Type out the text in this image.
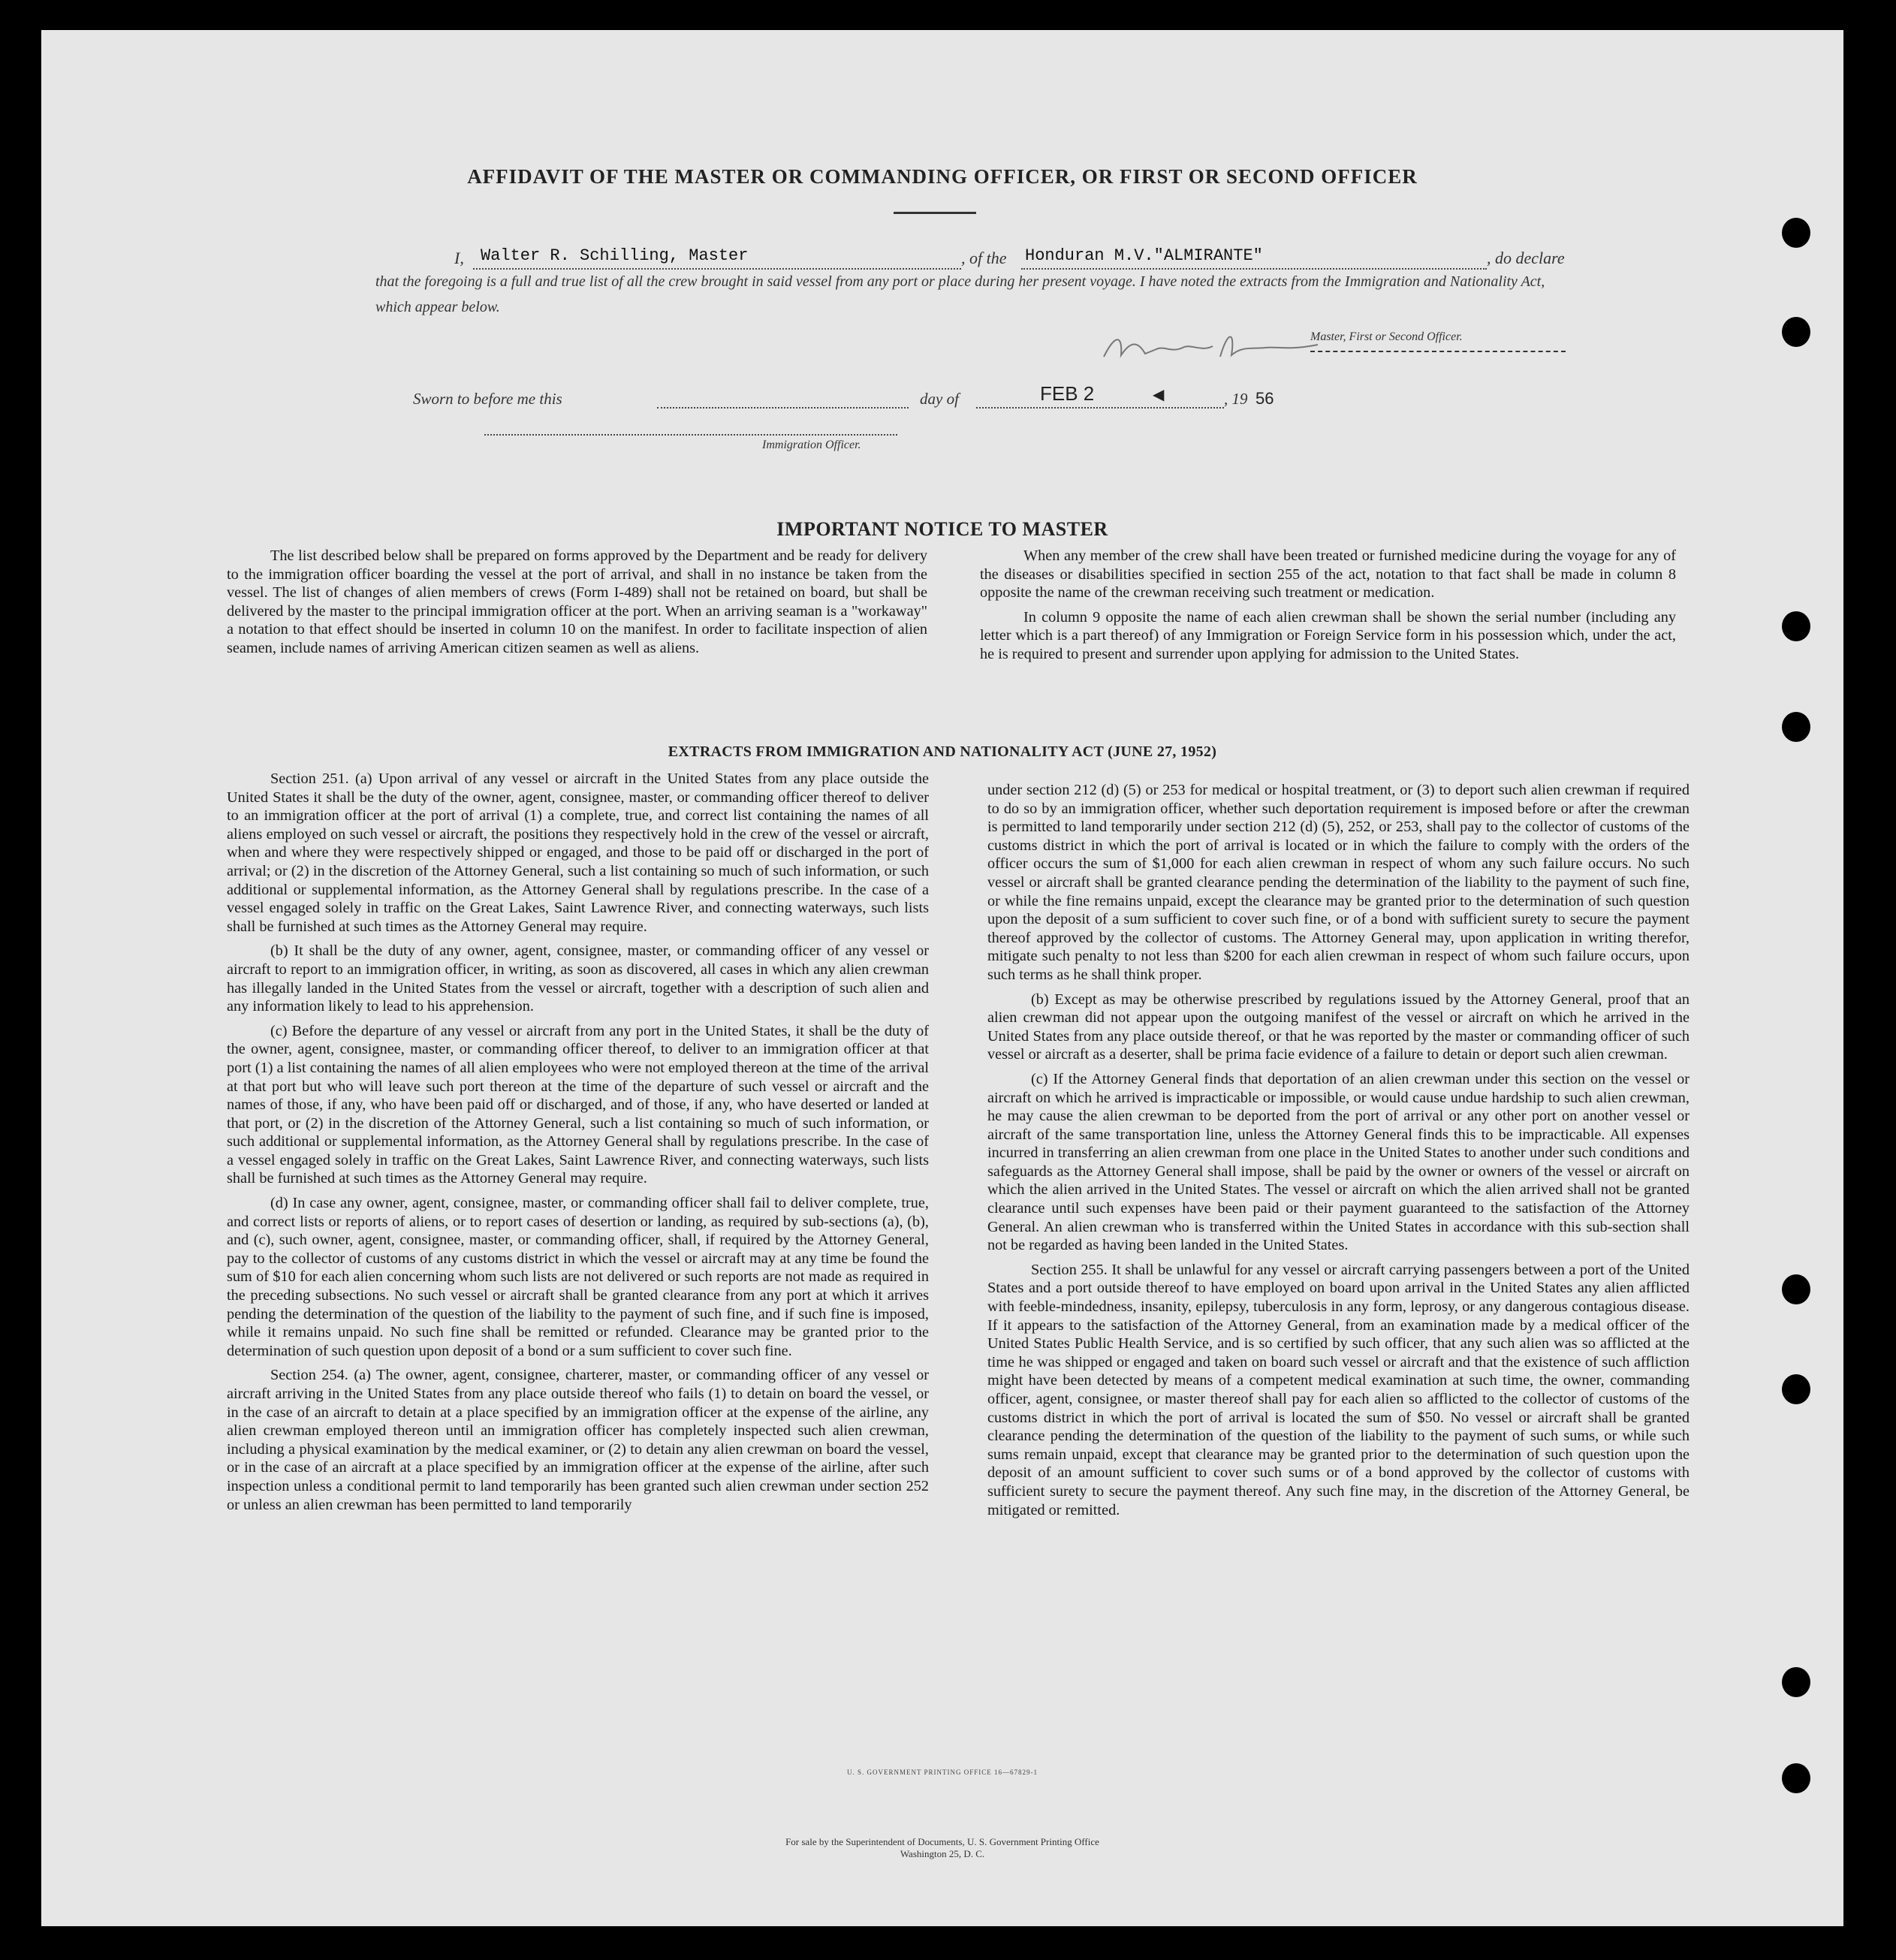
AFFIDAVIT OF THE MASTER OR COMMANDING OFFICER, OR FIRST OR SECOND OFFICER
I, Walter R. Schilling, Master	, of the Honduran M.V."ALMIRANTE"	, do declare
that the foregoing is a full and true list of all the crew brought in said vessel from any port or place during her present voyage. I have noted the extracts from the Immigration and Nationality Act, which appear below.
Master, First or Second Officer.
Sworn to before me this	day of	FEB 2	◀	, 19 56
Immigration Officer.
IMPORTANT NOTICE TO MASTER

The list described below shall be prepared on forms approved by the Department and be ready for delivery to the immigration officer boarding the vessel at the port of arrival, and shall in no instance be taken from the vessel. The list of changes of alien members of crews (Form I-489) shall not be retained on board, but shall be delivered by the master to the principal immigration officer at the port. When an arriving seaman is a "workaway" a notation to that effect should be inserted in column 10 on the manifest. In order to facilitate inspection of alien seamen, include names of arriving American citizen seamen as well as aliens.

When any member of the crew shall have been treated or furnished medicine during the voyage for any of the diseases or disabilities specified in section 255 of the act, notation to that fact shall be made in column 8 opposite the name of the crewman receiving such treatment or medication.

In column 9 opposite the name of each alien crewman shall be shown the serial number (including any letter which is a part thereof) of any Immigration or Foreign Service form in his possession which, under the act, he is required to present and surrender upon applying for admission to the United States.

EXTRACTS FROM IMMIGRATION AND NATIONALITY ACT (JUNE 27, 1952)

Section 251. (a) Upon arrival of any vessel or aircraft in the United States from any place outside the United States it shall be the duty of the owner, agent, consignee, master, or commanding officer thereof to deliver to an immigration officer at the port of arrival (1) a complete, true, and correct list containing the names of all aliens employed on such vessel or aircraft, the positions they respectively hold in the crew of the vessel or aircraft, when and where they were respectively shipped or engaged, and those to be paid off or discharged in the port of arrival; or (2) in the discretion of the Attorney General, such a list containing so much of such information, or such additional or supplemental information, as the Attorney General shall by regulations prescribe. In the case of a vessel engaged solely in traffic on the Great Lakes, Saint Lawrence River, and connecting waterways, such lists shall be furnished at such times as the Attorney General may require.

(b) It shall be the duty of any owner, agent, consignee, master, or commanding officer of any vessel or aircraft to report to an immigration officer, in writing, as soon as discovered, all cases in which any alien crewman has illegally landed in the United States from the vessel or aircraft, together with a description of such alien and any information likely to lead to his apprehension.

(c) Before the departure of any vessel or aircraft from any port in the United States, it shall be the duty of the owner, agent, consignee, master, or commanding officer thereof, to deliver to an immigration officer at that port (1) a list containing the names of all alien employees who were not employed thereon at the time of the arrival at that port but who will leave such port thereon at the time of the departure of such vessel or aircraft and the names of those, if any, who have been paid off or discharged, and of those, if any, who have deserted or landed at that port, or (2) in the discretion of the Attorney General, such a list containing so much of such information, or such additional or supplemental information, as the Attorney General shall by regulations prescribe. In the case of a vessel engaged solely in traffic on the Great Lakes, Saint Lawrence River, and connecting waterways, such lists shall be furnished at such times as the Attorney General may require.

(d) In case any owner, agent, consignee, master, or commanding officer shall fail to deliver complete, true, and correct lists or reports of aliens, or to report cases of desertion or landing, as required by sub-sections (a), (b), and (c), such owner, agent, consignee, master, or commanding officer, shall, if required by the Attorney General, pay to the collector of customs of any customs district in which the vessel or aircraft may at any time be found the sum of $10 for each alien concerning whom such lists are not delivered or such reports are not made as required in the preceding subsections. No such vessel or aircraft shall be granted clearance from any port at which it arrives pending the determination of the question of the liability to the payment of such fine, and if such fine is imposed, while it remains unpaid. No such fine shall be remitted or refunded. Clearance may be granted prior to the determination of such question upon deposit of a bond or a sum sufficient to cover such fine.

Section 254. (a) The owner, agent, consignee, charterer, master, or commanding officer of any vessel or aircraft arriving in the United States from any place outside thereof who fails (1) to detain on board the vessel, or in the case of an aircraft to detain at a place specified by an immigration officer at the expense of the airline, any alien crewman employed thereon until an immigration officer has completely inspected such alien crewman, including a physical examination by the medical examiner, or (2) to detain any alien crewman on board the vessel, or in the case of an aircraft at a place specified by an immigration officer at the expense of the airline, after such inspection unless a conditional permit to land temporarily has been granted such alien crewman under section 252 or unless an alien crewman has been permitted to land temporarily

under section 212 (d) (5) or 253 for medical or hospital treatment, or (3) to deport such alien crewman if required to do so by an immigration officer, whether such deportation requirement is imposed before or after the crewman is permitted to land temporarily under section 212 (d) (5), 252, or 253, shall pay to the collector of customs of the customs district in which the port of arrival is located or in which the failure to comply with the orders of the officer occurs the sum of $1,000 for each alien crewman in respect of whom any such failure occurs. No such vessel or aircraft shall be granted clearance pending the determination of the liability to the payment of such fine, or while the fine remains unpaid, except the clearance may be granted prior to the determination of such question upon the deposit of a sum sufficient to cover such fine, or of a bond with sufficient surety to secure the payment thereof approved by the collector of customs. The Attorney General may, upon application in writing therefor, mitigate such penalty to not less than $200 for each alien crewman in respect of whom such failure occurs, upon such terms as he shall think proper.

(b) Except as may be otherwise prescribed by regulations issued by the Attorney General, proof that an alien crewman did not appear upon the outgoing manifest of the vessel or aircraft on which he arrived in the United States from any place outside thereof, or that he was reported by the master or commanding officer of such vessel or aircraft as a deserter, shall be prima facie evidence of a failure to detain or deport such alien crewman.

(c) If the Attorney General finds that deportation of an alien crewman under this section on the vessel or aircraft on which he arrived is impracticable or impossible, or would cause undue hardship to such alien crewman, he may cause the alien crewman to be deported from the port of arrival or any other port on another vessel or aircraft of the same transportation line, unless the Attorney General finds this to be impracticable. All expenses incurred in transferring an alien crewman from one place in the United States to another under such conditions and safeguards as the Attorney General shall impose, shall be paid by the owner or owners of the vessel or aircraft on which the alien arrived in the United States. The vessel or aircraft on which the alien arrived shall not be granted clearance until such expenses have been paid or their payment guaranteed to the satisfaction of the Attorney General. An alien crewman who is transferred within the United States in accordance with this sub-section shall not be regarded as having been landed in the United States.

Section 255. It shall be unlawful for any vessel or aircraft carrying passengers between a port of the United States and a port outside thereof to have employed on board upon arrival in the United States any alien afflicted with feeble-mindedness, insanity, epilepsy, tuberculosis in any form, leprosy, or any dangerous contagious disease. If it appears to the satisfaction of the Attorney General, from an examination made by a medical officer of the United States Public Health Service, and is so certified by such officer, that any such alien was so afflicted at the time he was shipped or engaged and taken on board such vessel or aircraft and that the existence of such affliction might have been detected by means of a competent medical examination at such time, the owner, commanding officer, agent, consignee, or master thereof shall pay for each alien so afflicted to the collector of customs of the customs district in which the port of arrival is located the sum of $50. No vessel or aircraft shall be granted clearance pending the determination of the question of the liability to the payment of such sums, or while such sums remain unpaid, except that clearance may be granted prior to the determination of such question upon the deposit of an amount sufficient to cover such sums or of a bond approved by the collector of customs with sufficient surety to secure the payment thereof. Any such fine may, in the discretion of the Attorney General, be mitigated or remitted.

U. S. GOVERNMENT PRINTING OFFICE 16—67829-1
For sale by the Superintendent of Documents, U. S. Government Printing Office
Washington 25, D. C.
